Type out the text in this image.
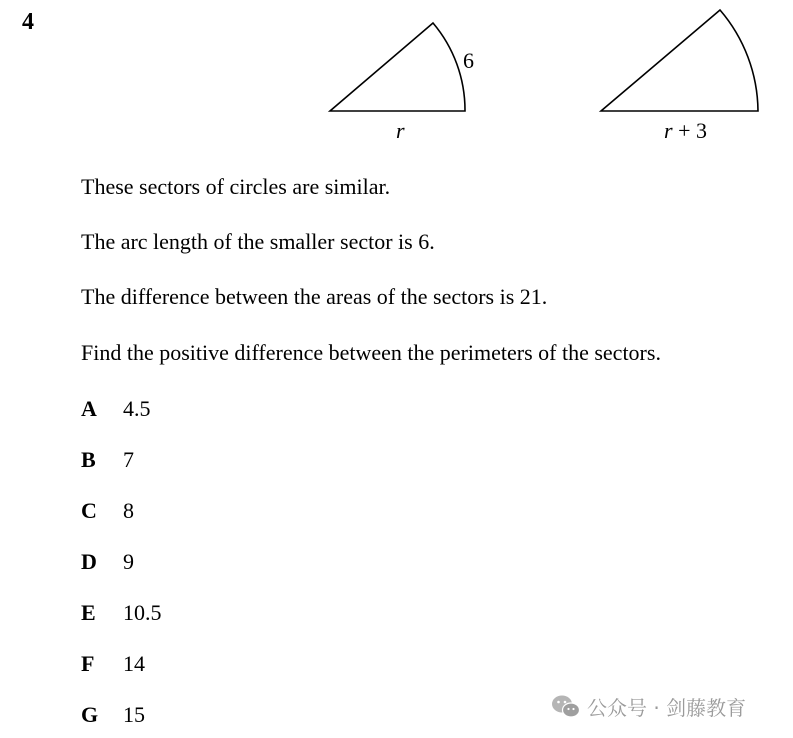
4
6
r	r + 3
These sectors of circles are similar.
The arc length of the smaller sector is 6.
The difference between the areas of the sectors is 21.
Find the positive difference between the perimeters of the sectors.
A 4.5
B 7
C 8
D 9
E 10.5
F 14
G 15	公众号 · 剑藤教育
